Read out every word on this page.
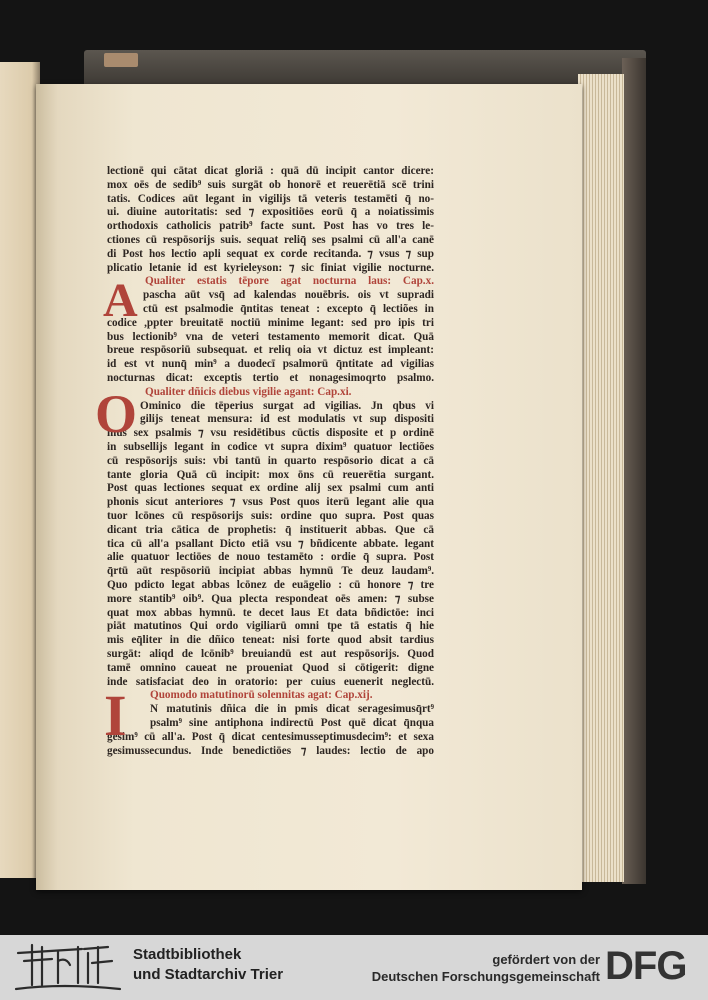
lectionē qui cātat dicat gloriā : quā dū incipit cantor dicere:
mox oēs de sedib⁹ suis surgāt ob honorē et reuerētiā scē trini
tatis. Codices aūt legant in vigilijs tā veteris testamēti q̄ no-
ui. diuine autoritatis: sed ⁊ expositiōes eorū q̄ a noiatissimis
orthodoxis catholicis patrib⁹ facte sunt. Post has vo tres le-
ctiones cū respōsorijs suis. sequat reliq̄ ses psalmi cū all'a canē
di Post hos lectio apli sequat ex corde recitanda. ⁊ vsus ⁊ sup
plicatio letanie id est kyrieleyson: ⁊ sic finiat vigilie nocturne.
Qualiter estatis tēpore agat nocturna laus: Cap.x.
pascha aūt vsq̄ ad kalendas nouēbris. ois vt supradi
ctū est psalmodie q̄ntitas teneat : excepto q̄ lectiões in
codice ,ppter breuitatē noctiū minime legant: sed pro ipis tri
bus lectionib⁹ vna de veteri testamento memorit dicat. Quā
breue respōsoriū subsequat. et reliq oia vt dictuz est impleant:
id est vt nunq̄ min⁹ a duodecī psalmorū q̄ntitate ad vigilias
nocturnas dicat: exceptis tertio et nonagesimoqrto psalmo.
Qualiter dñicis diebus vigilie agant: Cap.xi.
Ominico die tēperius surgat ad vigilias. Jn qbus vi
gilijs teneat mensura: id est modulatis vt sup dispositi
mus sex psalmis ⁊ vsu residētibus cūctis disposite et p ordinē
in subsellijs legant in codice vt supra dixim⁹ quatuor lectiões
cū respōsorijs suis: vbi tantū in quarto respōsorio dicat a cā
tante gloria Quā cū incipit: mox ōns cū reuerētia surgant.
Post quas lectiones sequat ex ordine alij sex psalmi cum anti
phonis sicut anteriores ⁊ vsus Post quos iterū legant alie qua
tuor lcōnes cū respōsorijs suis: ordine quo supra. Post quas
dicant tria cātica de prophetis: q̄ instituerit abbas. Que cā
tica cū all'a psallant Dicto etiā vsu ⁊ bñdicente abbate. legant
alie quatuor lectiōes de nouo testamēto : ordie q̄ supra. Post
q̄rtū aūt respōsoriū incipiat abbas hymnū Te deuz laudam⁹.
Quo pdicto legat abbas lcōnez de euāgelio : cū honore ⁊ tre
more stantib⁹ oib⁹. Qua plecta respondeat oēs amen: ⁊ subse
quat mox abbas hymnū. te decet laus Et data bñdictōe: inci
piāt matutinos Qui ordo vigiliarū omni tpe tā estatis q̄ hie
mis eq̄liter in die dñico teneat: nisi forte quod absit tardius
surgāt: aliqd de lcōnib⁹ breuiandū est aut respōsorijs. Quod
tamē omnino caueat ne proueniat Quod si cōtigerit: digne
inde satisfaciat deo in oratorio: per cuius euenerit neglectū.
Quomodo matutinorū solennitas agat: Cap.xij.
N matutinis dñica die in pmis dicat seragesimusq̄rt⁹
psalm⁹ sine antiphona indirectū Post quē dicat q̄nqua
gesim⁹ cū all'a. Post q̄ dicat centesimusseptimusdecim⁹: et sexa
gesimussecundus. Inde benedictiōes ⁊ laudes: lectio de apo
A
O
I
Stadtbibliothek
und Stadtarchiv Trier
gefördert von der
Deutschen Forschungsgemeinschaft DFG
